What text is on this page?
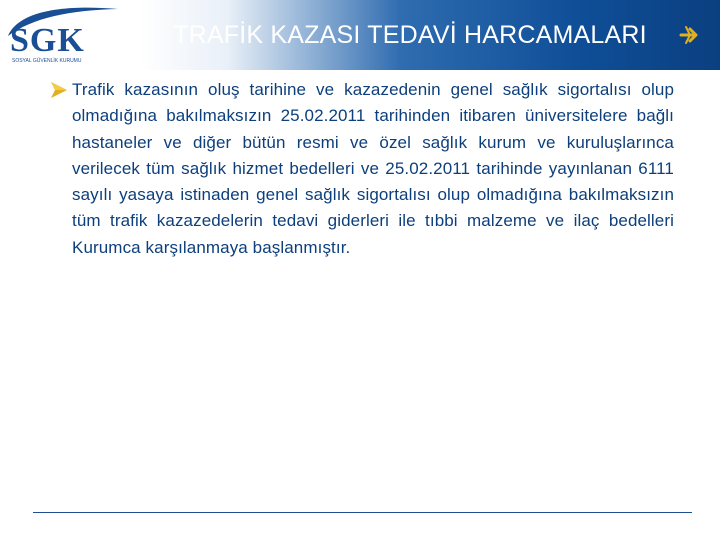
SGK
SOSYAL GÜVENLİK KURUMU
TRAFİK KAZASI TEDAVİ HARCAMALARI
Trafik kazasının oluş tarihine ve kazazedenin genel sağlık sigortalısı olup olmadığına bakılmaksızın 25.02.2011 tarihinden itibaren üniversitelere bağlı hastaneler ve diğer bütün resmi ve özel sağlık kurum ve kuruluşlarınca verilecek tüm sağlık hizmet bedelleri ve 25.02.2011 tarihinde yayınlanan 6111 sayılı yasaya istinaden genel sağlık sigortalısı olup olmadığına bakılmaksızın tüm trafik kazazedelerin tedavi giderleri ile tıbbi malzeme ve ilaç bedelleri Kurumca karşılanmaya başlanmıştır.
